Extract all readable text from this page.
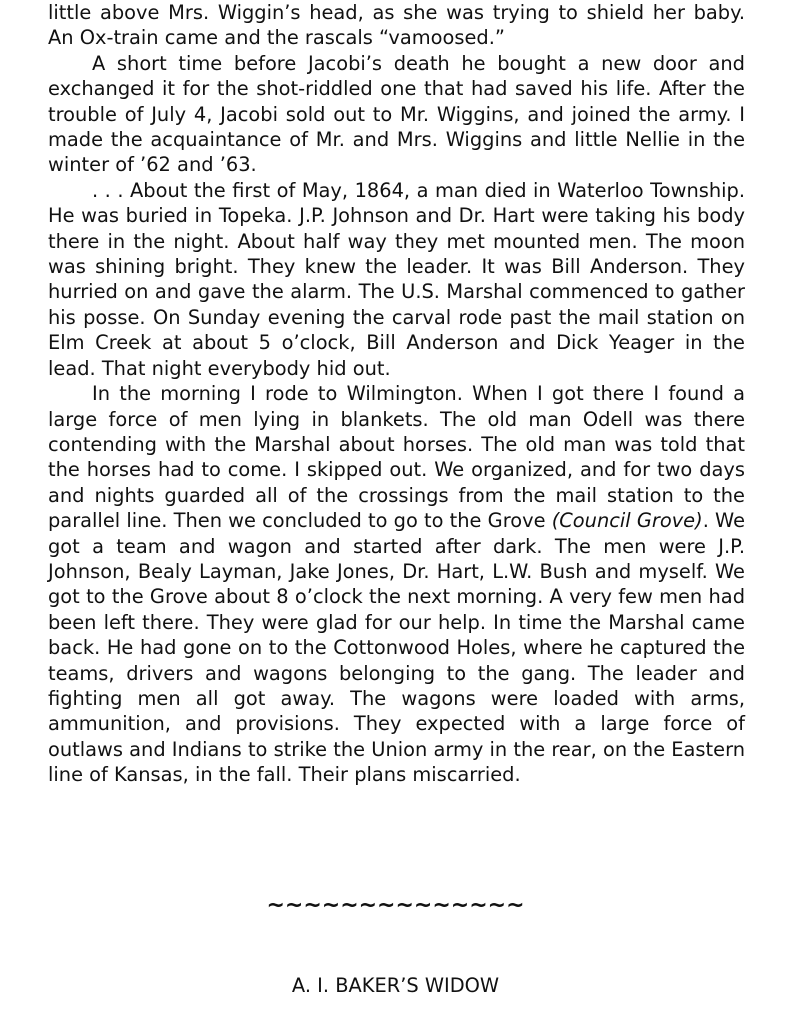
little above Mrs. Wiggin’s head, as she was trying to shield her baby. An Ox-train came and the rascals “vamoosed.”

A short time before Jacobi’s death he bought a new door and exchanged it for the shot-riddled one that had saved his life. After the trouble of July 4, Jacobi sold out to Mr. Wiggins, and joined the army. I made the acquaintance of Mr. and Mrs. Wiggins and little Nellie in the winter of ’62 and ’63.

. . . About the first of May, 1864, a man died in Waterloo Township. He was buried in Topeka. J.P. Johnson and Dr. Hart were taking his body there in the night. About half way they met mounted men. The moon was shining bright. They knew the leader. It was Bill Anderson. They hurried on and gave the alarm. The U.S. Marshal commenced to gather his posse. On Sunday evening the carval rode past the mail station on Elm Creek at about 5 o’clock, Bill Anderson and Dick Yeager in the lead. That night everybody hid out.

In the morning I rode to Wilmington. When I got there I found a large force of men lying in blankets. The old man Odell was there contending with the Marshal about horses. The old man was told that the horses had to come. I skipped out. We organized, and for two days and nights guarded all of the crossings from the mail station to the parallel line. Then we concluded to go to the Grove (Council Grove). We got a team and wagon and started after dark. The men were J.P. Johnson, Bealy Layman, Jake Jones, Dr. Hart, L.W. Bush and myself. We got to the Grove about 8 o’clock the next morning. A very few men had been left there. They were glad for our help. In time the Marshal came back. He had gone on to the Cottonwood Holes, where he captured the teams, drivers and wagons belonging to the gang. The leader and fighting men all got away. The wagons were loaded with arms, ammunition, and provisions. They expected with a large force of outlaws and Indians to strike the Union army in the rear, on the Eastern line of Kansas, in the fall. Their plans miscarried.

~~~~~~~~~~~~~~
A. I. BAKER’S WIDOW
